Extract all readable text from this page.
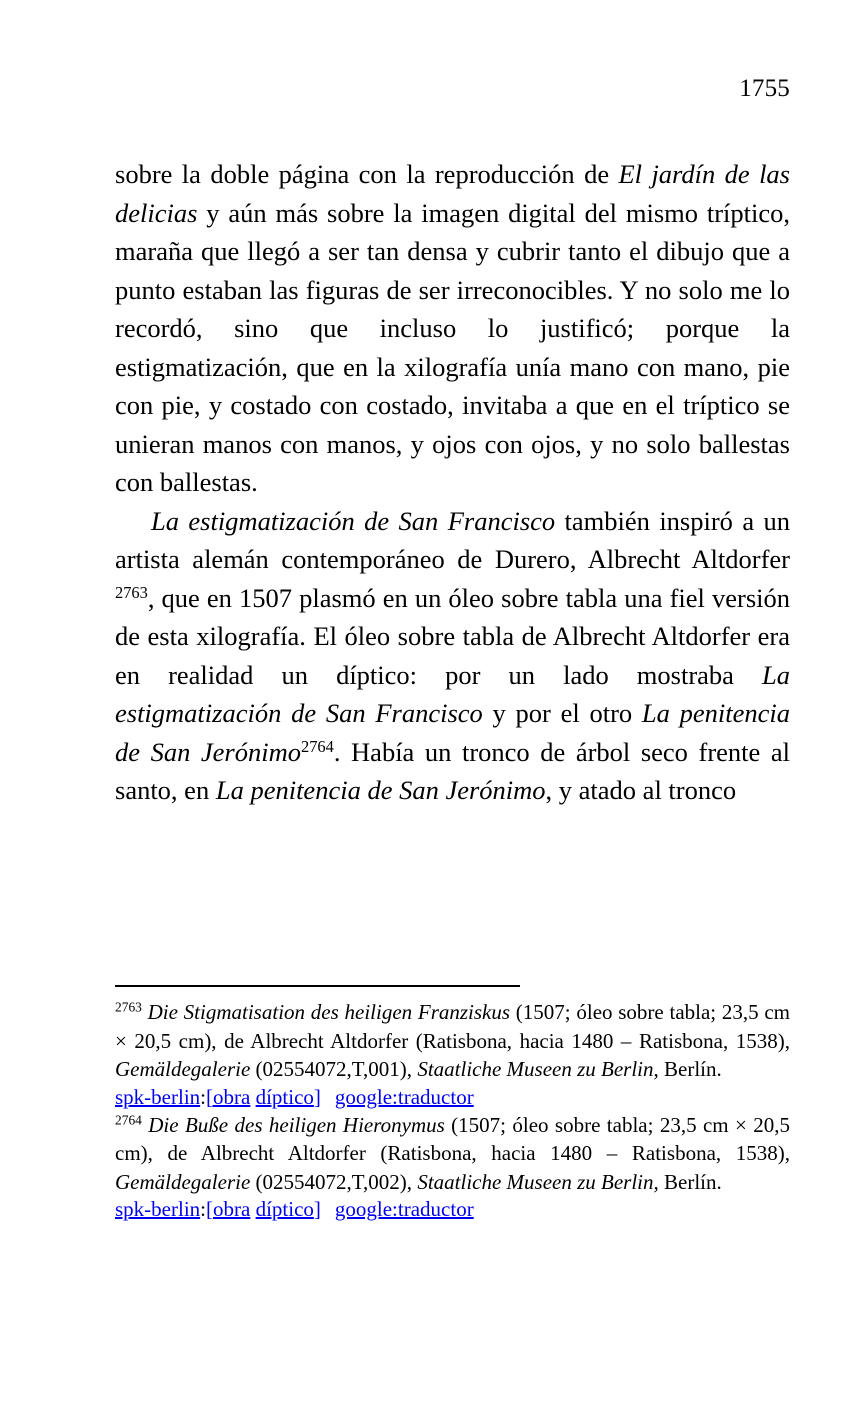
1755

sobre la doble página con la reproducción de El jardín de las delicias y aún más sobre la imagen digital del mismo tríptico, maraña que llegó a ser tan densa y cubrir tanto el dibujo que a punto estaban las figuras de ser irreconocibles. Y no solo me lo recordó, sino que incluso lo justificó; porque la estigmatización, que en la xilografía unía mano con mano, pie con pie, y costado con costado, invitaba a que en el tríptico se unieran manos con manos, y ojos con ojos, y no solo ballestas con ballestas.

La estigmatización de San Francisco también inspiró a un artista alemán contemporáneo de Durero, Albrecht Altdorfer $^{2763}$, que en 1507 plasmó en un óleo sobre tabla una fiel versión de esta xilografía. El óleo sobre tabla de Albrecht Altdorfer era en realidad un díptico: por un lado mostraba La estigmatización de San Francisco y por el otro La penitencia de San Jerónimo$^{2764}$. Había un tronco de árbol seco frente al santo, en La penitencia de San Jerónimo, y atado al tronco

$^{2763}$ Die Stigmatisation des heiligen Franziskus (1507; óleo sobre tabla; 23,5 cm × 20,5 cm), de Albrecht Altdorfer (Ratisbona, hacia 1480 – Ratisbona, 1538), Gemäldegalerie (02554072,T,001), Staatliche Museen zu Berlin, Berlín.

spk-berlin:[obra díptico] google:traductor

$^{2764}$ Die Buße des heiligen Hieronymus (1507; óleo sobre tabla; 23,5 cm × 20,5 cm), de Albrecht Altdorfer (Ratisbona, hacia 1480 – Ratisbona, 1538), Gemäldegalerie (02554072,T,002), Staatliche Museen zu Berlin, Berlín.

spk-berlin:[obra díptico] google:traductor
